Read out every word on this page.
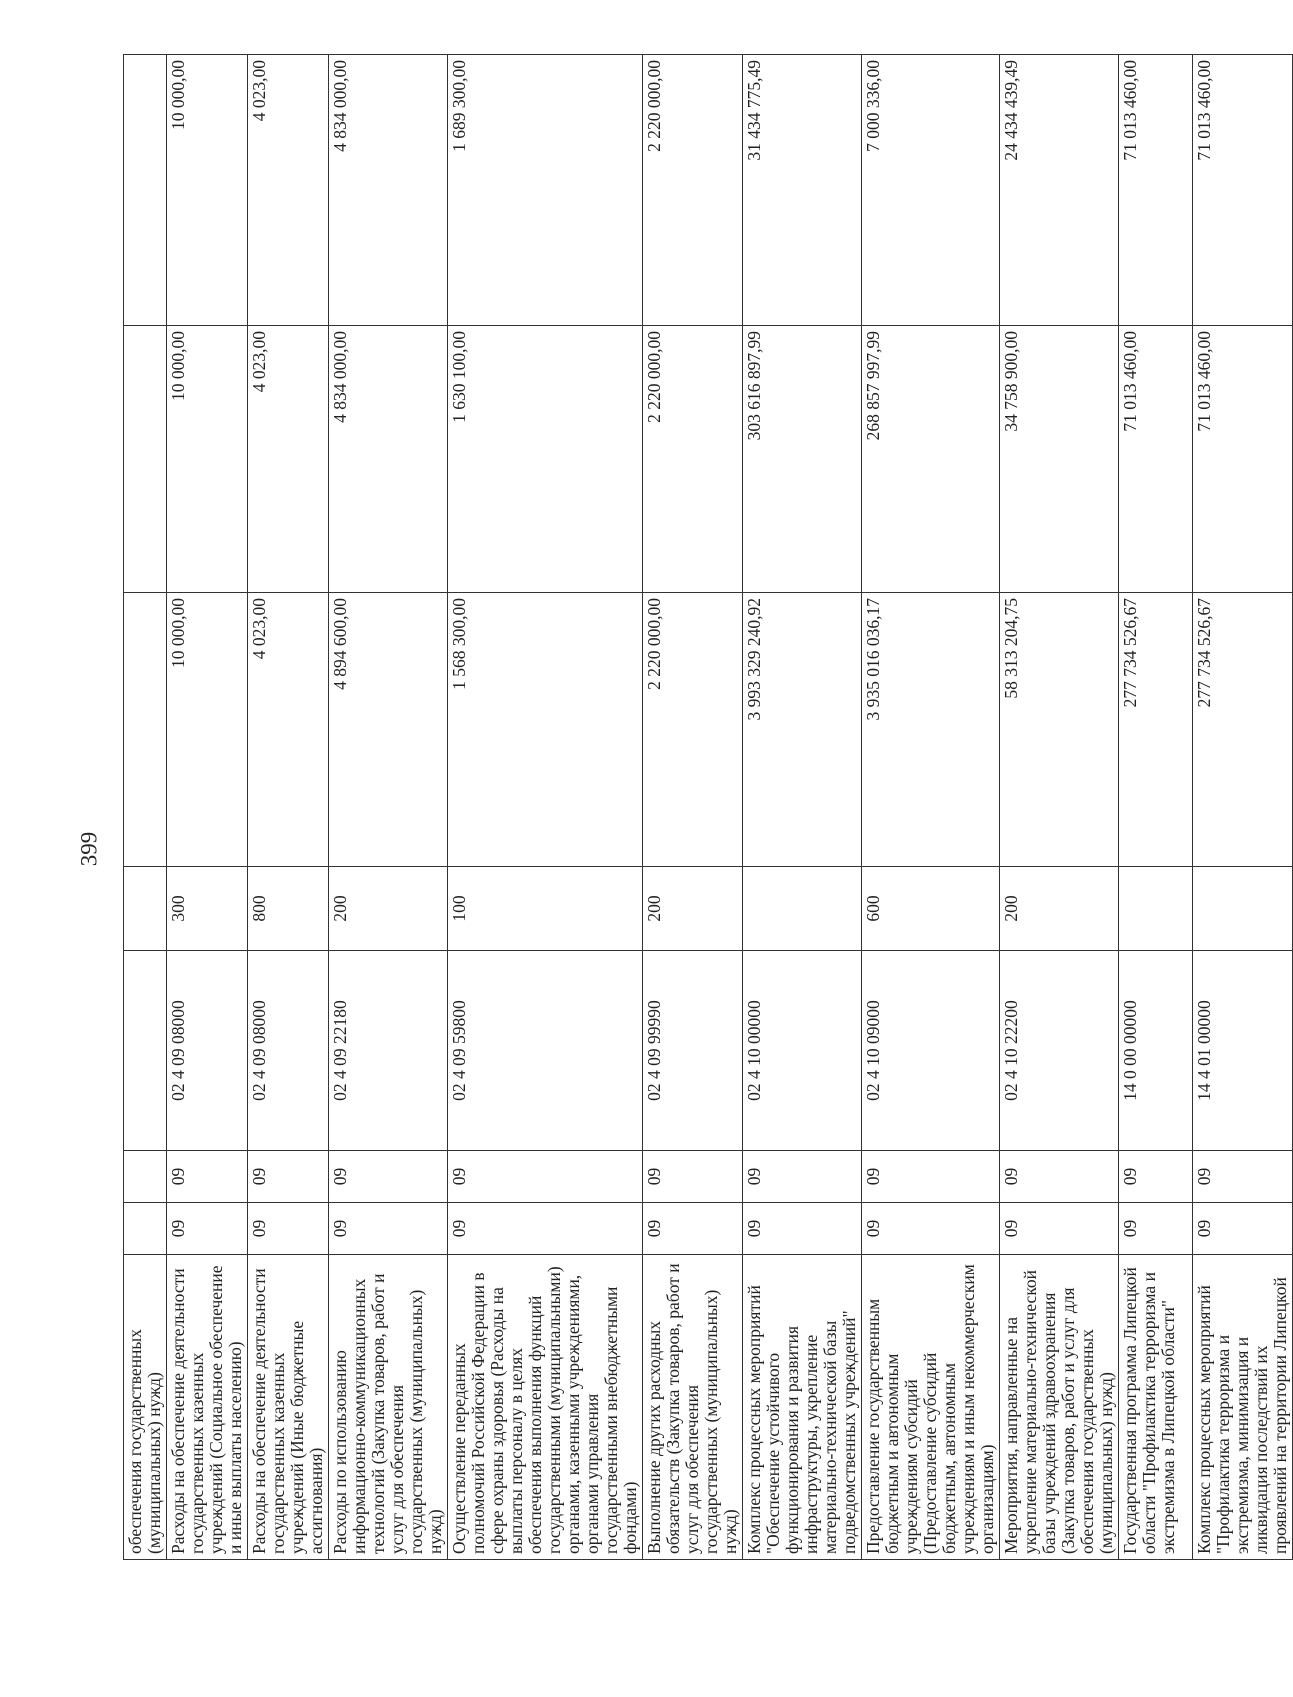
399
обеспечения государственных (муниципальных) нужд)							
Расходы на обеспечение деятельности государственных казенных учреждений (Социальное обеспечение и иные выплаты населению)	09	09	02 4 09 08000	300	10 000,00	10 000,00	10 000,00
Расходы на обеспечение деятельности государственных казенных учреждений (Иные бюджетные ассигнования)	09	09	02 4 09 08000	800	4 023,00	4 023,00	4 023,00
Расходы по использованию информационно-коммуникационных технологий (Закупка товаров, работ и услуг для обеспечения государственных (муниципальных) нужд)	09	09	02 4 09 22180	200	4 894 600,00	4 834 000,00	4 834 000,00
Осуществление переданных полномочий Российской Федерации в сфере охраны здоровья (Расходы на выплаты персоналу в целях обеспечения выполнения функций государственными (муниципальными) органами, казенными учреждениями, органами управления государственными внебюджетными фондами)	09	09	02 4 09 59800	100	1 568 300,00	1 630 100,00	1 689 300,00
Выполнение других расходных обязательств (Закупка товаров, работ и услуг для обеспечения государственных (муниципальных) нужд)	09	09	02 4 09 99990	200	2 220 000,00	2 220 000,00	2 220 000,00
Комплекс процессных мероприятий "Обеспечение устойчивого функционирования и развития инфраструктуры, укрепление материально-технической базы подведомственных учреждений"	09	09	02 4 10 00000		3 993 329 240,92	303 616 897,99	31 434 775,49
Предоставление государственным бюджетным и автономным учреждениям субсидий (Предоставление субсидий бюджетным, автономным учреждениям и иным некоммерческим организациям)	09	09	02 4 10 09000	600	3 935 016 036,17	268 857 997,99	7 000 336,00
Мероприятия, направленные на укрепление материально-технической базы учреждений здравоохранения (Закупка товаров, работ и услуг для обеспечения государственных (муниципальных) нужд)	09	09	02 4 10 22200	200	58 313 204,75	34 758 900,00	24 434 439,49
Государственная программа Липецкой области "Профилактика терроризма и экстремизма в Липецкой области"	09	09	14 0 00 00000		277 734 526,67	71 013 460,00	71 013 460,00
Комплекс процессных мероприятий "Профилактика терроризма и экстремизма, минимизация и ликвидация последствий их проявлений на территории Липецкой	09	09	14 4 01 00000		277 734 526,67	71 013 460,00	71 013 460,00
